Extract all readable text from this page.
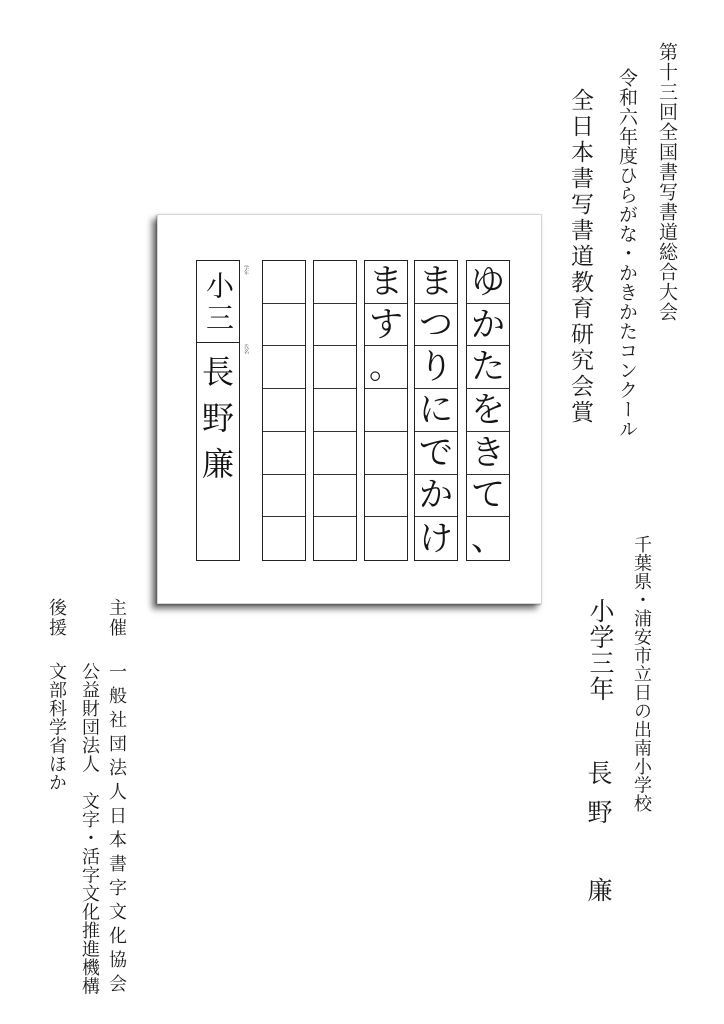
第十三回全国書写書道総合大会
令和六年度ひらがな・かきかたコンクール
全日本書写書道教育研究会賞
ゆ
か
た
を
き
て
、
ま
つ
り
に
で
か
け
ま
す
。
学年
氏名
小三
長野廉
千葉県・浦安市立日の出南小学校
小学三年
長野　廉
主催
一般社団法人日本書字文化協会
公益財団法人　文字・活字文化推進機構
後援
文部科学省ほか
